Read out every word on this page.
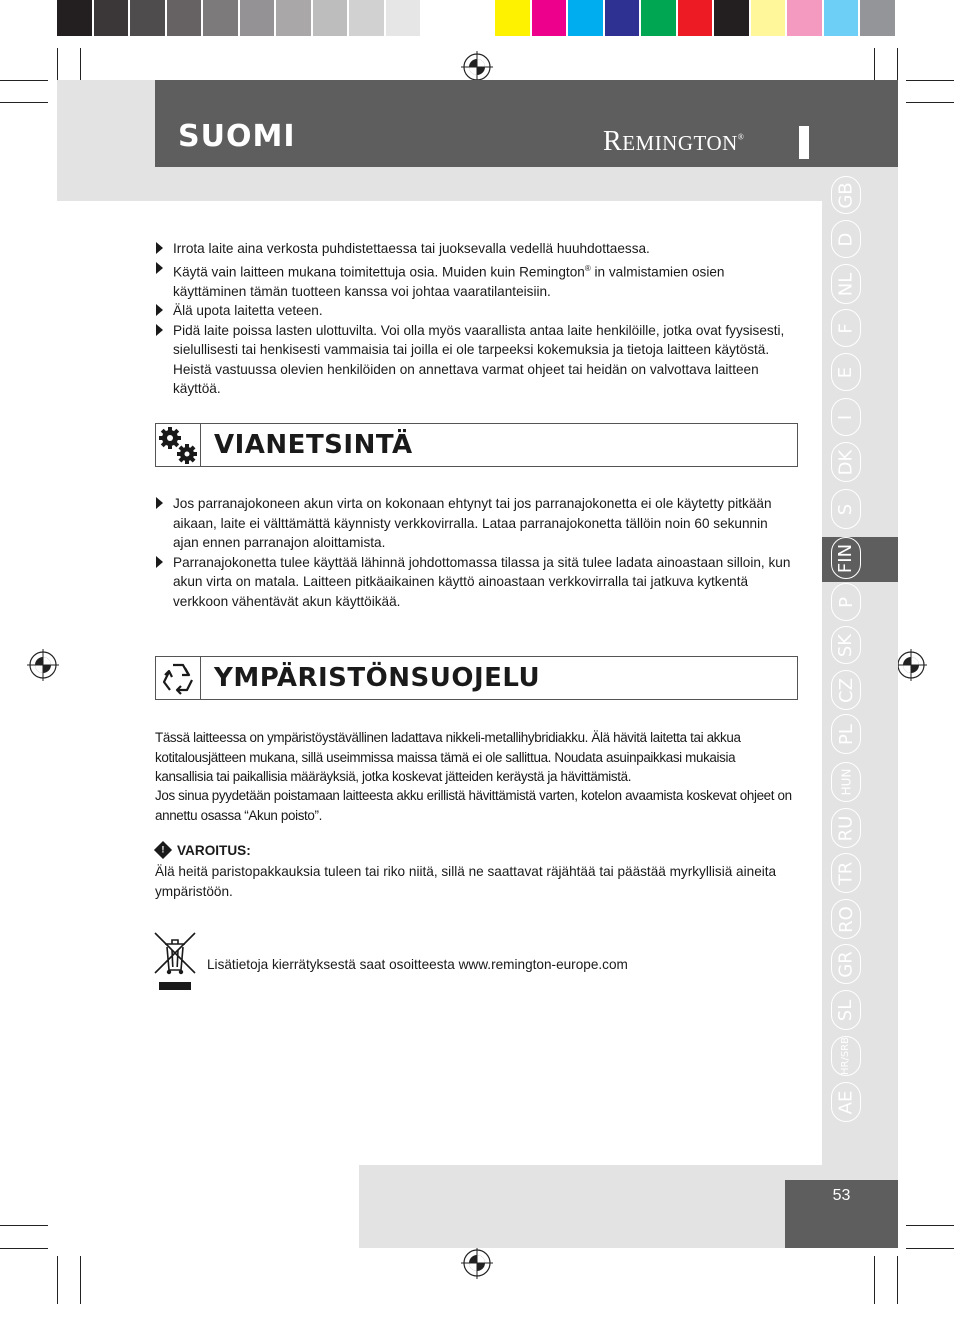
SUOMI	REMINGTON®
GB
D
NL
F
E
I
DK
S
FIN
P
SK
CZ
PL
HUN
RU
TR
RO
GR
SL
HR/SRB
AE
Irrota laite aina verkosta puhdistettaessa tai juoksevalla vedellä huuhdottaessa.
Käytä vain laitteen mukana toimitettuja osia. Muiden kuin Remington® in valmistamien osien käyttäminen tämän tuotteen kanssa voi johtaa vaaratilanteisiin.
Älä upota laitetta veteen.
Pidä laite poissa lasten ulottuvilta. Voi olla myös vaarallista antaa laite henkilöille, jotka ovat fyysisesti, sielullisesti tai henkisesti vammaisia tai joilla ei ole tarpeeksi kokemuksia ja tietoja laitteen käytöstä. Heistä vastuussa olevien henkilöiden on annettava varmat ohjeet tai heidän on valvottava laitteen käyttöä.
VIANETSINTÄ
Jos parranajokoneen akun virta on kokonaan ehtynyt tai jos parranajokonetta ei ole käytetty pitkään aikaan, laite ei välttämättä käynnisty verkkovirralla. Lataa parranajokonetta tällöin noin 60 sekunnin ajan ennen parranajon aloittamista.
Parranajokonetta tulee käyttää lähinnä johdottomassa tilassa ja sitä tulee ladata ainoastaan silloin, kun akun virta on matala. Laitteen pitkäaikainen käyttö ainoastaan verkkovirralla tai jatkuva kytkentä verkkoon vähentävät akun käyttöikää.
YMPÄRISTÖNSUOJELU
Tässä laitteessa on ympäristöystävällinen ladattava nikkeli-metallihybridiakku. Älä hävitä laitetta tai akkua kotitalousjätteen mukana, sillä useimmissa maissa tämä ei ole sallittua. Noudata asuinpaikkasi mukaisia kansallisia tai paikallisia määräyksiä, jotka koskevat jätteiden keräystä ja hävittämistä.
Jos sinua pyydetään poistamaan laitteesta akku erillistä hävittämistä varten, kotelon avaamista koskevat ohjeet on annettu osassa “Akun poisto”.
! VAROITUS:
Älä heitä paristopakkauksia tuleen tai riko niitä, sillä ne saattavat räjähtää tai päästää myrkyllisiä aineita ympäristöön.
Lisätietoja kierrätyksestä saat osoitteesta www.remington-europe.com
53
